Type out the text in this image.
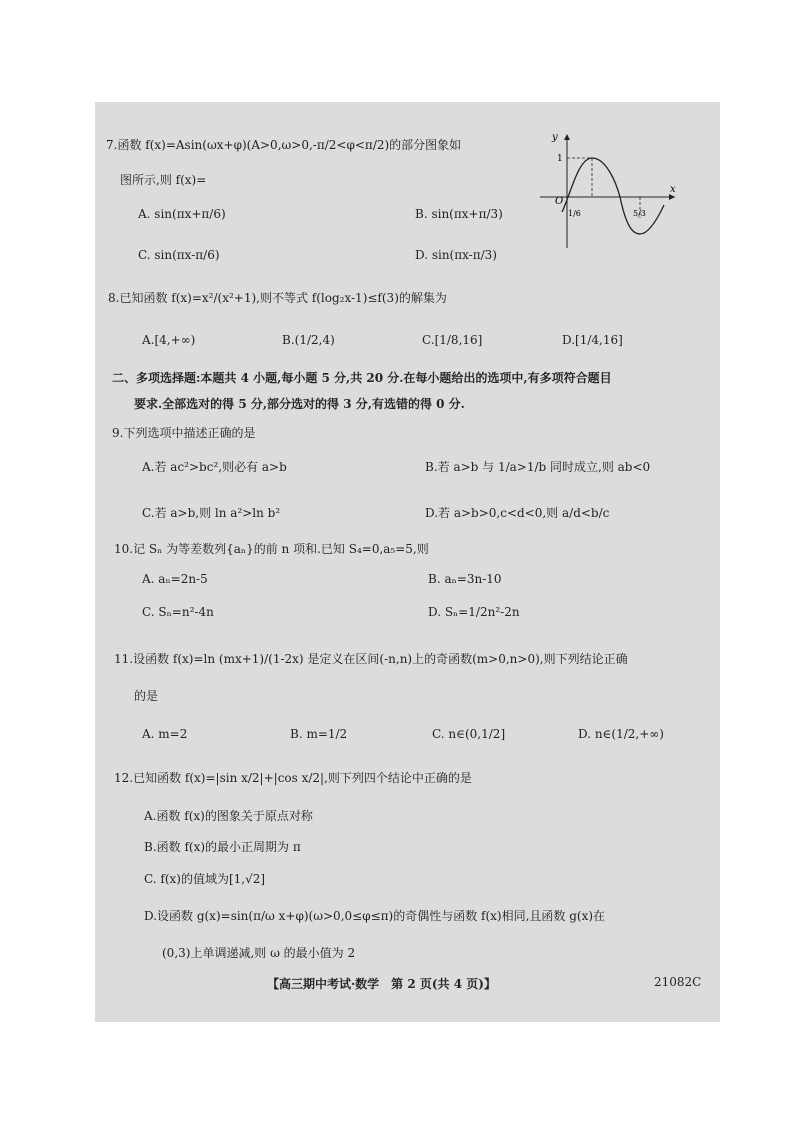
7.函数 f(x)=Asin(ωx+φ)(A>0,ω>0,-π/2<φ<π/2)的部分图象如
图所示,则 f(x)=
A. sin(πx+π/6)	B. sin(πx+π/3)
C. sin(πx-π/6)	D. sin(πx-π/3)
y
x
O
1
1/6	5/3
8.已知函数 f(x)=x²/(x²+1),则不等式 f(log₂x-1)≤f(3)的解集为
A.[4,+∞)	B.(1/2,4)	C.[1/8,16]	D.[1/4,16]
二、多项选择题:本题共 4 小题,每小题 5 分,共 20 分.在每小题给出的选项中,有多项符合题目
要求.全部选对的得 5 分,部分选对的得 3 分,有选错的得 0 分.
9.下列选项中描述正确的是
A.若 ac²>bc²,则必有 a>b	B.若 a>b 与 1/a>1/b 同时成立,则 ab<0
C.若 a>b,则 ln a²>ln b²	D.若 a>b>0,c<d<0,则 a/d<b/c
10.记 Sₙ 为等差数列{aₙ}的前 n 项和.已知 S₄=0,a₅=5,则
A. aₙ=2n-5	B. aₙ=3n-10
C. Sₙ=n²-4n	D. Sₙ=1/2n²-2n
11.设函数 f(x)=ln (mx+1)/(1-2x) 是定义在区间(-n,n)上的奇函数(m>0,n>0),则下列结论正确
的是
A. m=2	B. m=1/2	C. n∈(0,1/2]	D. n∈(1/2,+∞)
12.已知函数 f(x)=|sin x/2|+|cos x/2|,则下列四个结论中正确的是
A.函数 f(x)的图象关于原点对称
B.函数 f(x)的最小正周期为 π
C. f(x)的值域为[1,√2]
D.设函数 g(x)=sin(π/ω x+φ)(ω>0,0≤φ≤π)的奇偶性与函数 f(x)相同,且函数 g(x)在
(0,3)上单调递减,则 ω 的最小值为 2
【高三期中考试·数学　第 2 页(共 4 页)】	21082C
